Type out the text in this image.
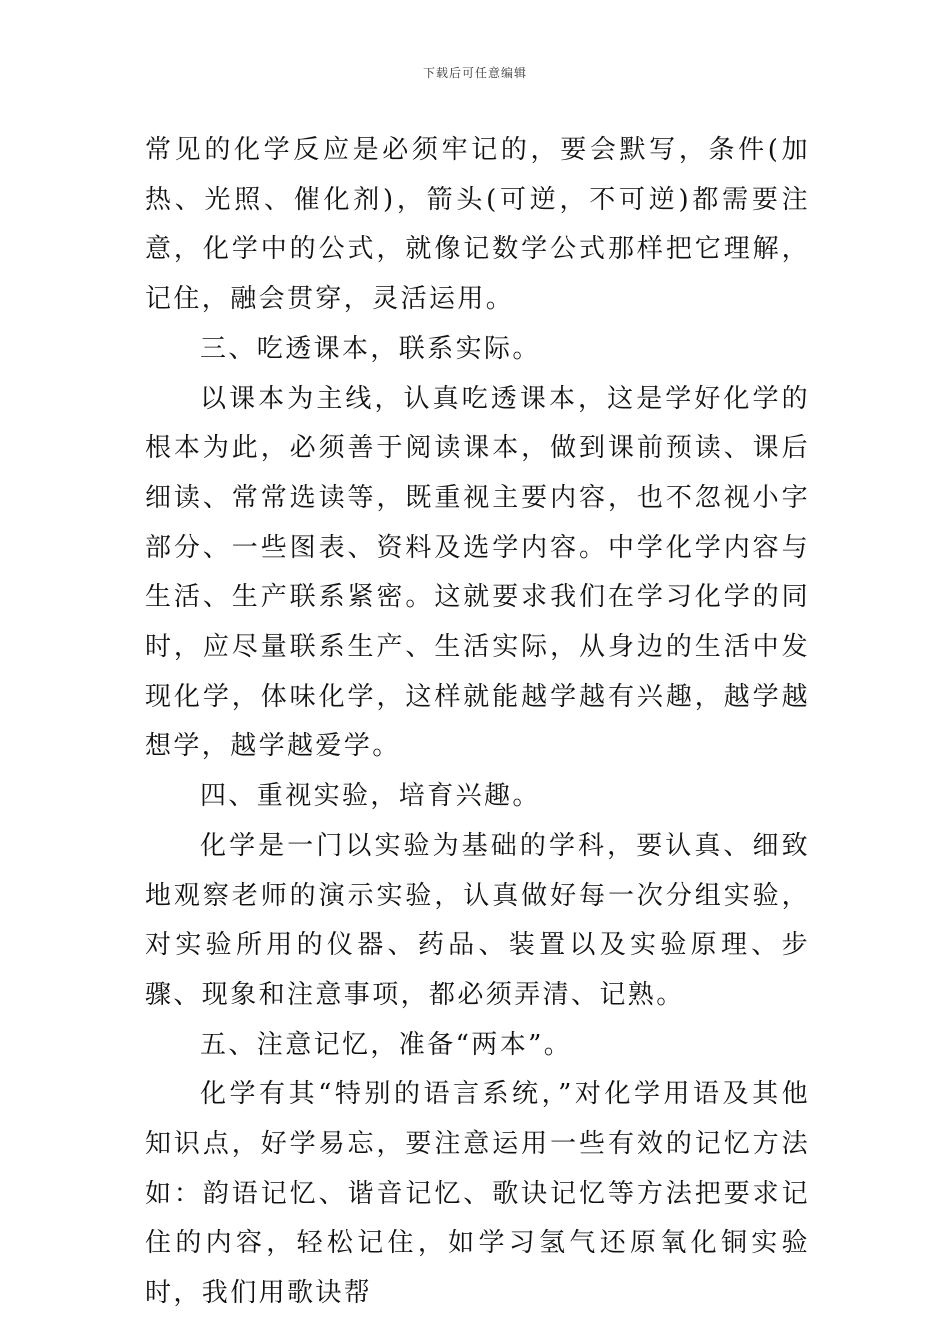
下载后可任意编辑

常见的化学反应是必须牢记的，要会默写，条件(加热、光照、催化剂)，箭头(可逆，不可逆)都需要注意，化学中的公式，就像记数学公式那样把它理解，记住，融会贯穿，灵活运用。

三、吃透课本，联系实际。

以课本为主线，认真吃透课本，这是学好化学的根本为此，必须善于阅读课本，做到课前预读、课后细读、常常选读等，既重视主要内容，也不忽视小字部分、一些图表、资料及选学内容。中学化学内容与生活、生产联系紧密。这就要求我们在学习化学的同时，应尽量联系生产、生活实际，从身边的生活中发现化学，体味化学，这样就能越学越有兴趣，越学越想学，越学越爱学。

四、重视实验，培育兴趣。

化学是一门以实验为基础的学科，要认真、细致地观察老师的演示实验，认真做好每一次分组实验，对实验所用的仪器、药品、装置以及实验原理、步骤、现象和注意事项，都必须弄清、记熟。

五、注意记忆，准备“两本”。

化学有其“特别的语言系统，”对化学用语及其他知识点，好学易忘，要注意运用一些有效的记忆方法如：韵语记忆、谐音记忆、歌诀记忆等方法把要求记住的内容，轻松记住，如学习氢气还原氧化铜实验时，我们用歌诀帮
